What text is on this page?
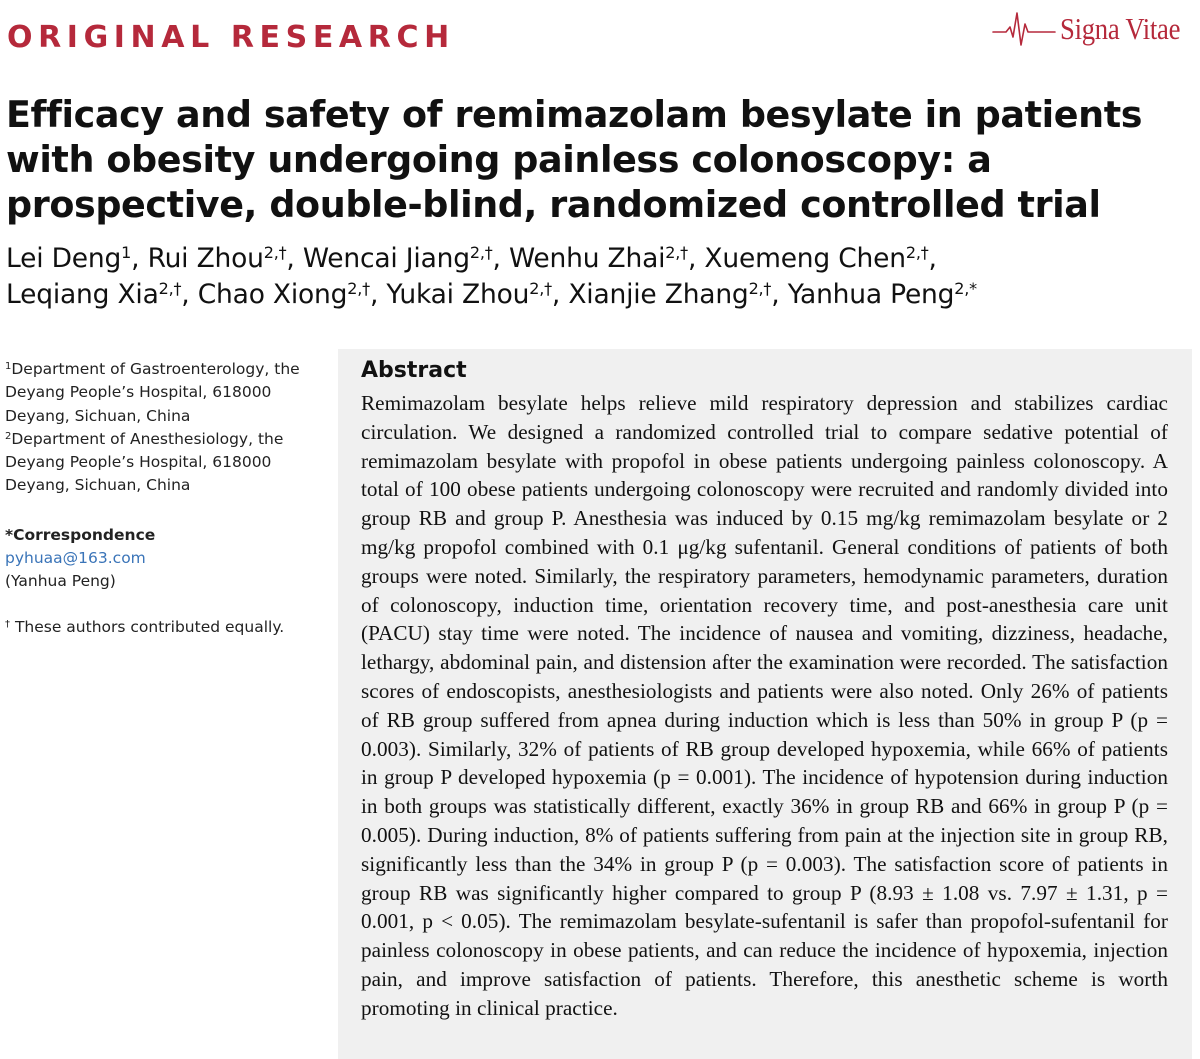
ORIGINAL RESEARCH	Signa Vitae
Efficacy and safety of remimazolam besylate in patients with obesity undergoing painless colonoscopy: a prospective, double-blind, randomized controlled trial

Lei Deng$^1$, Rui Zhou$^{2,\dagger}$, Wencai Jiang$^{2,\dagger}$, Wenhu Zhai$^{2,\dagger}$, Xuemeng Chen$^{2,\dagger}$,
Leqiang Xia$^{2,\dagger}$, Chao Xiong$^{2,\dagger}$, Yukai Zhou$^{2,\dagger}$, Xianjie Zhang$^{2,\dagger}$, Yanhua Peng$^{2,*}$

$^1$Department of Gastroenterology, the Deyang People’s Hospital, 618000 Deyang, Sichuan, China

$^2$Department of Anesthesiology, the Deyang People’s Hospital, 618000 Deyang, Sichuan, China

*Correspondence
pyhuaa@163.com
(Yanhua Peng)
† These authors contributed equally.
Abstract

Remimazolam besylate helps relieve mild respiratory depression and stabilizes cardiac circulation. We designed a randomized controlled trial to compare sedative potential of remimazolam besylate with propofol in obese patients undergoing painless colonoscopy. A total of 100 obese patients undergoing colonoscopy were recruited and randomly divided into group RB and group P. Anesthesia was induced by 0.15 mg/kg remimazolam besylate or 2 mg/kg propofol combined with 0.1 μg/kg sufentanil. General conditions of patients of both groups were noted. Similarly, the respiratory parameters, hemodynamic parameters, duration of colonoscopy, induction time, orientation recovery time, and post-anesthesia care unit (PACU) stay time were noted. The incidence of nausea and vomiting, dizziness, headache, lethargy, abdominal pain, and distension after the examination were recorded. The satisfaction scores of endoscopists, anesthesiologists and patients were also noted. Only 26% of patients of RB group suffered from apnea during induction which is less than 50% in group P (p = 0.003). Similarly, 32% of patients of RB group developed hypoxemia, while 66% of patients in group P developed hypoxemia (p = 0.001). The incidence of hypotension during induction in both groups was statistically different, exactly 36% in group RB and 66% in group P (p = 0.005). During induction, 8% of patients suffering from pain at the injection site in group RB, significantly less than the 34% in group P (p = 0.003). The satisfaction score of patients in group RB was significantly higher compared to group P (8.93 ± 1.08 vs. 7.97 ± 1.31, p = 0.001, p < 0.05). The remimazolam besylate-sufentanil is safer than propofol-sufentanil for painless colonoscopy in obese patients, and can reduce the incidence of hypoxemia, injection pain, and improve satisfaction of patients. Therefore, this anesthetic scheme is worth promoting in clinical practice.
